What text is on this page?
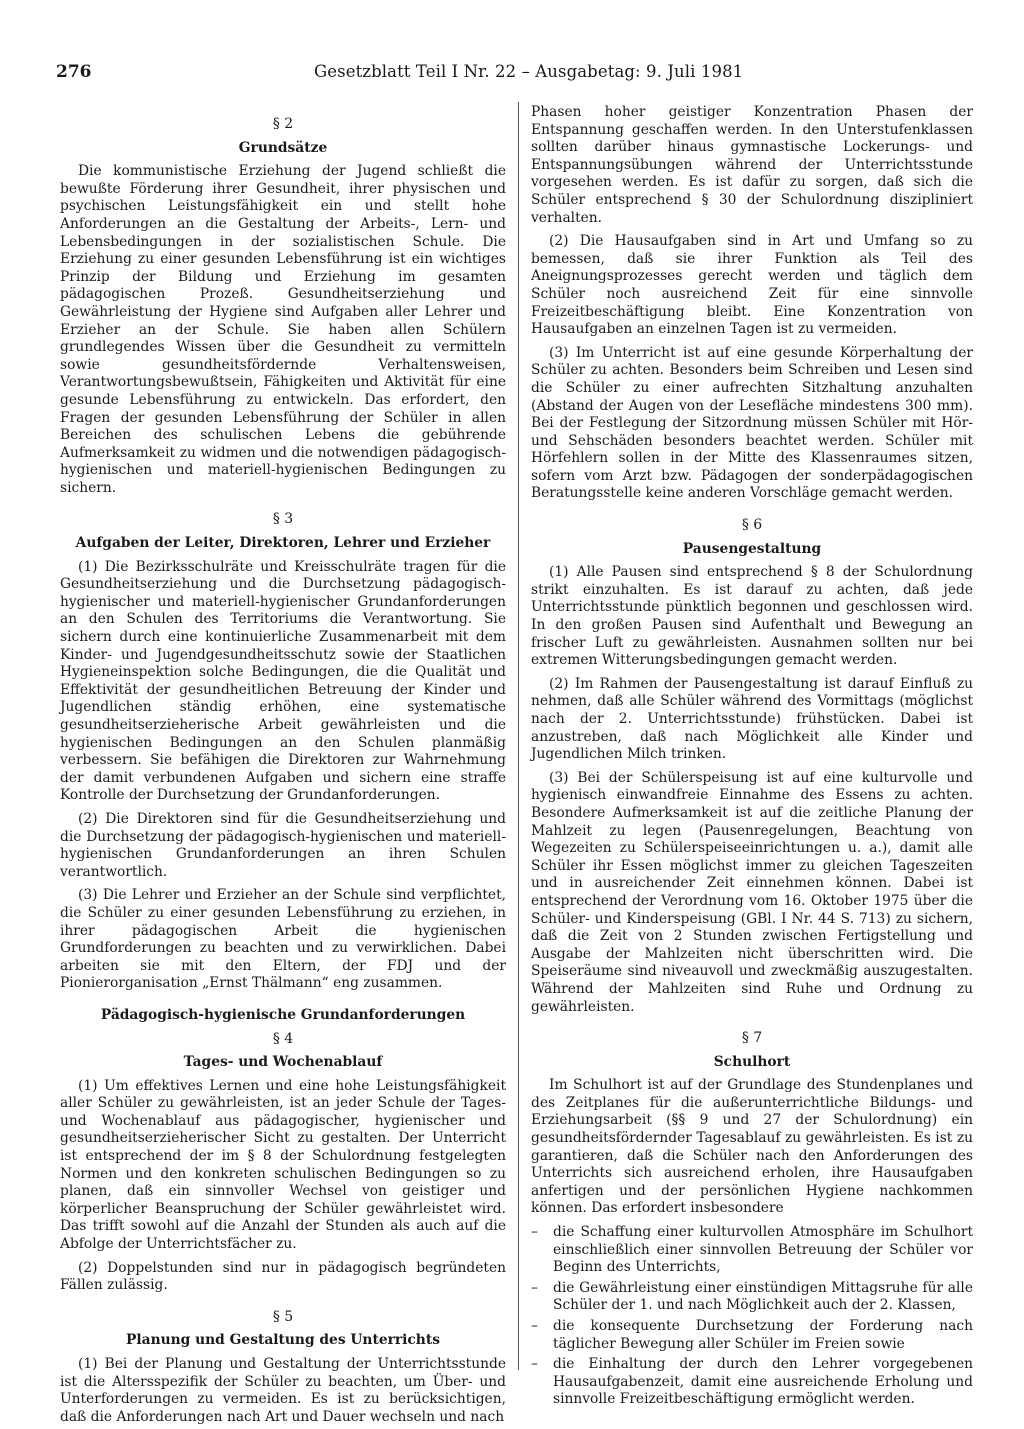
276	Gesetzblatt Teil I Nr. 22 – Ausgabetag: 9. Juli 1981
§ 2
Grundsätze

Die kommunistische Erziehung der Jugend schließt die bewußte Förderung ihrer Gesundheit, ihrer physischen und psychischen Leistungsfähigkeit ein und stellt hohe Anforderungen an die Gestaltung der Arbeits-, Lern- und Lebensbedingungen in der sozialistischen Schule. Die Erziehung zu einer gesunden Lebensführung ist ein wichtiges Prinzip der Bildung und Erziehung im gesamten pädagogischen Prozeß. Gesundheitserziehung und Gewährleistung der Hygiene sind Aufgaben aller Lehrer und Erzieher an der Schule. Sie haben allen Schülern grundlegendes Wissen über die Gesundheit zu vermitteln sowie gesundheitsfördernde Verhaltensweisen, Verantwortungsbewußtsein, Fähigkeiten und Aktivität für eine gesunde Lebensführung zu entwickeln. Das erfordert, den Fragen der gesunden Lebensführung der Schüler in allen Bereichen des schulischen Lebens die gebührende Aufmerksamkeit zu widmen und die notwendigen pädagogisch-hygienischen und materiell-hygienischen Bedingungen zu sichern.

§ 3
Aufgaben der Leiter, Direktoren, Lehrer und Erzieher

(1) Die Bezirksschulräte und Kreisschulräte tragen für die Gesundheitserziehung und die Durchsetzung pädagogisch-hygienischer und materiell-hygienischer Grundanforderungen an den Schulen des Territoriums die Verantwortung. Sie sichern durch eine kontinuierliche Zusammenarbeit mit dem Kinder- und Jugendgesundheitsschutz sowie der Staatlichen Hygieneinspektion solche Bedingungen, die die Qualität und Effektivität der gesundheitlichen Betreuung der Kinder und Jugendlichen ständig erhöhen, eine systematische gesundheitserzieherische Arbeit gewährleisten und die hygienischen Bedingungen an den Schulen planmäßig verbessern. Sie befähigen die Direktoren zur Wahrnehmung der damit verbundenen Aufgaben und sichern eine straffe Kontrolle der Durchsetzung der Grundanforderungen.

(2) Die Direktoren sind für die Gesundheitserziehung und die Durchsetzung der pädagogisch-hygienischen und materiell-hygienischen Grundanforderungen an ihren Schulen verantwortlich.

(3) Die Lehrer und Erzieher an der Schule sind verpflichtet, die Schüler zu einer gesunden Lebensführung zu erziehen, in ihrer pädagogischen Arbeit die hygienischen Grundforderungen zu beachten und zu verwirklichen. Dabei arbeiten sie mit den Eltern, der FDJ und der Pionierorganisation „Ernst Thälmann“ eng zusammen.

Pädagogisch-hygienische Grundanforderungen
§ 4
Tages- und Wochenablauf

(1) Um effektives Lernen und eine hohe Leistungsfähigkeit aller Schüler zu gewährleisten, ist an jeder Schule der Tages- und Wochenablauf aus pädagogischer, hygienischer und gesundheitserzieherischer Sicht zu gestalten. Der Unterricht ist entsprechend der im § 8 der Schulordnung festgelegten Normen und den konkreten schulischen Bedingungen so zu planen, daß ein sinnvoller Wechsel von geistiger und körperlicher Beanspruchung der Schüler gewährleistet wird. Das trifft sowohl auf die Anzahl der Stunden als auch auf die Abfolge der Unterrichtsfächer zu.

(2) Doppelstunden sind nur in pädagogisch begründeten Fällen zulässig.

§ 5
Planung und Gestaltung des Unterrichts

(1) Bei der Planung und Gestaltung der Unterrichtsstunde ist die Altersspezifik der Schüler zu beachten, um Über- und Unterforderungen zu vermeiden. Es ist zu berücksichtigen, daß die Anforderungen nach Art und Dauer wechseln und nach

Phasen hoher geistiger Konzentration Phasen der Entspannung geschaffen werden. In den Unterstufenklassen sollten darüber hinaus gymnastische Lockerungs- und Entspannungsübungen während der Unterrichtsstunde vorgesehen werden. Es ist dafür zu sorgen, daß sich die Schüler entsprechend § 30 der Schulordnung diszipliniert verhalten.

(2) Die Hausaufgaben sind in Art und Umfang so zu bemessen, daß sie ihrer Funktion als Teil des Aneignungsprozesses gerecht werden und täglich dem Schüler noch ausreichend Zeit für eine sinnvolle Freizeitbeschäftigung bleibt. Eine Konzentration von Hausaufgaben an einzelnen Tagen ist zu vermeiden.

(3) Im Unterricht ist auf eine gesunde Körperhaltung der Schüler zu achten. Besonders beim Schreiben und Lesen sind die Schüler zu einer aufrechten Sitzhaltung anzuhalten (Abstand der Augen von der Lesefläche mindestens 300 mm). Bei der Festlegung der Sitzordnung müssen Schüler mit Hör- und Sehschäden besonders beachtet werden. Schüler mit Hörfehlern sollen in der Mitte des Klassenraumes sitzen, sofern vom Arzt bzw. Pädagogen der sonderpädagogischen Beratungsstelle keine anderen Vorschläge gemacht werden.

§ 6
Pausengestaltung

(1) Alle Pausen sind entsprechend § 8 der Schulordnung strikt einzuhalten. Es ist darauf zu achten, daß jede Unterrichtsstunde pünktlich begonnen und geschlossen wird. In den großen Pausen sind Aufenthalt und Bewegung an frischer Luft zu gewährleisten. Ausnahmen sollten nur bei extremen Witterungsbedingungen gemacht werden.

(2) Im Rahmen der Pausengestaltung ist darauf Einfluß zu nehmen, daß alle Schüler während des Vormittags (möglichst nach der 2. Unterrichtsstunde) frühstücken. Dabei ist anzustreben, daß nach Möglichkeit alle Kinder und Jugendlichen Milch trinken.

(3) Bei der Schülerspeisung ist auf eine kulturvolle und hygienisch einwandfreie Einnahme des Essens zu achten. Besondere Aufmerksamkeit ist auf die zeitliche Planung der Mahlzeit zu legen (Pausenregelungen, Beachtung von Wegezeiten zu Schülerspeiseeinrichtungen u. a.), damit alle Schüler ihr Essen möglichst immer zu gleichen Tageszeiten und in ausreichender Zeit einnehmen können. Dabei ist entsprechend der Verordnung vom 16. Oktober 1975 über die Schüler- und Kinderspeisung (GBl. I Nr. 44 S. 713) zu sichern, daß die Zeit von 2 Stunden zwischen Fertigstellung und Ausgabe der Mahlzeiten nicht überschritten wird. Die Speiseräume sind niveauvoll und zweckmäßig auszugestalten. Während der Mahlzeiten sind Ruhe und Ordnung zu gewährleisten.

§ 7
Schulhort

Im Schulhort ist auf der Grundlage des Stundenplanes und des Zeitplanes für die außerunterrichtliche Bildungs- und Erziehungsarbeit (§§ 9 und 27 der Schulordnung) ein gesundheitsfördernder Tagesablauf zu gewährleisten. Es ist zu garantieren, daß die Schüler nach den Anforderungen des Unterrichts sich ausreichend erholen, ihre Hausaufgaben anfertigen und der persönlichen Hygiene nachkommen können. Das erfordert insbesondere

– die Schaffung einer kulturvollen Atmosphäre im Schulhort einschließlich einer sinnvollen Betreuung der Schüler vor Beginn des Unterrichts,
– die Gewährleistung einer einstündigen Mittagsruhe für alle Schüler der 1. und nach Möglichkeit auch der 2. Klassen,
– die konsequente Durchsetzung der Forderung nach täglicher Bewegung aller Schüler im Freien sowie
– die Einhaltung der durch den Lehrer vorgegebenen Hausaufgabenzeit, damit eine ausreichende Erholung und sinnvolle Freizeitbeschäftigung ermöglicht werden.
